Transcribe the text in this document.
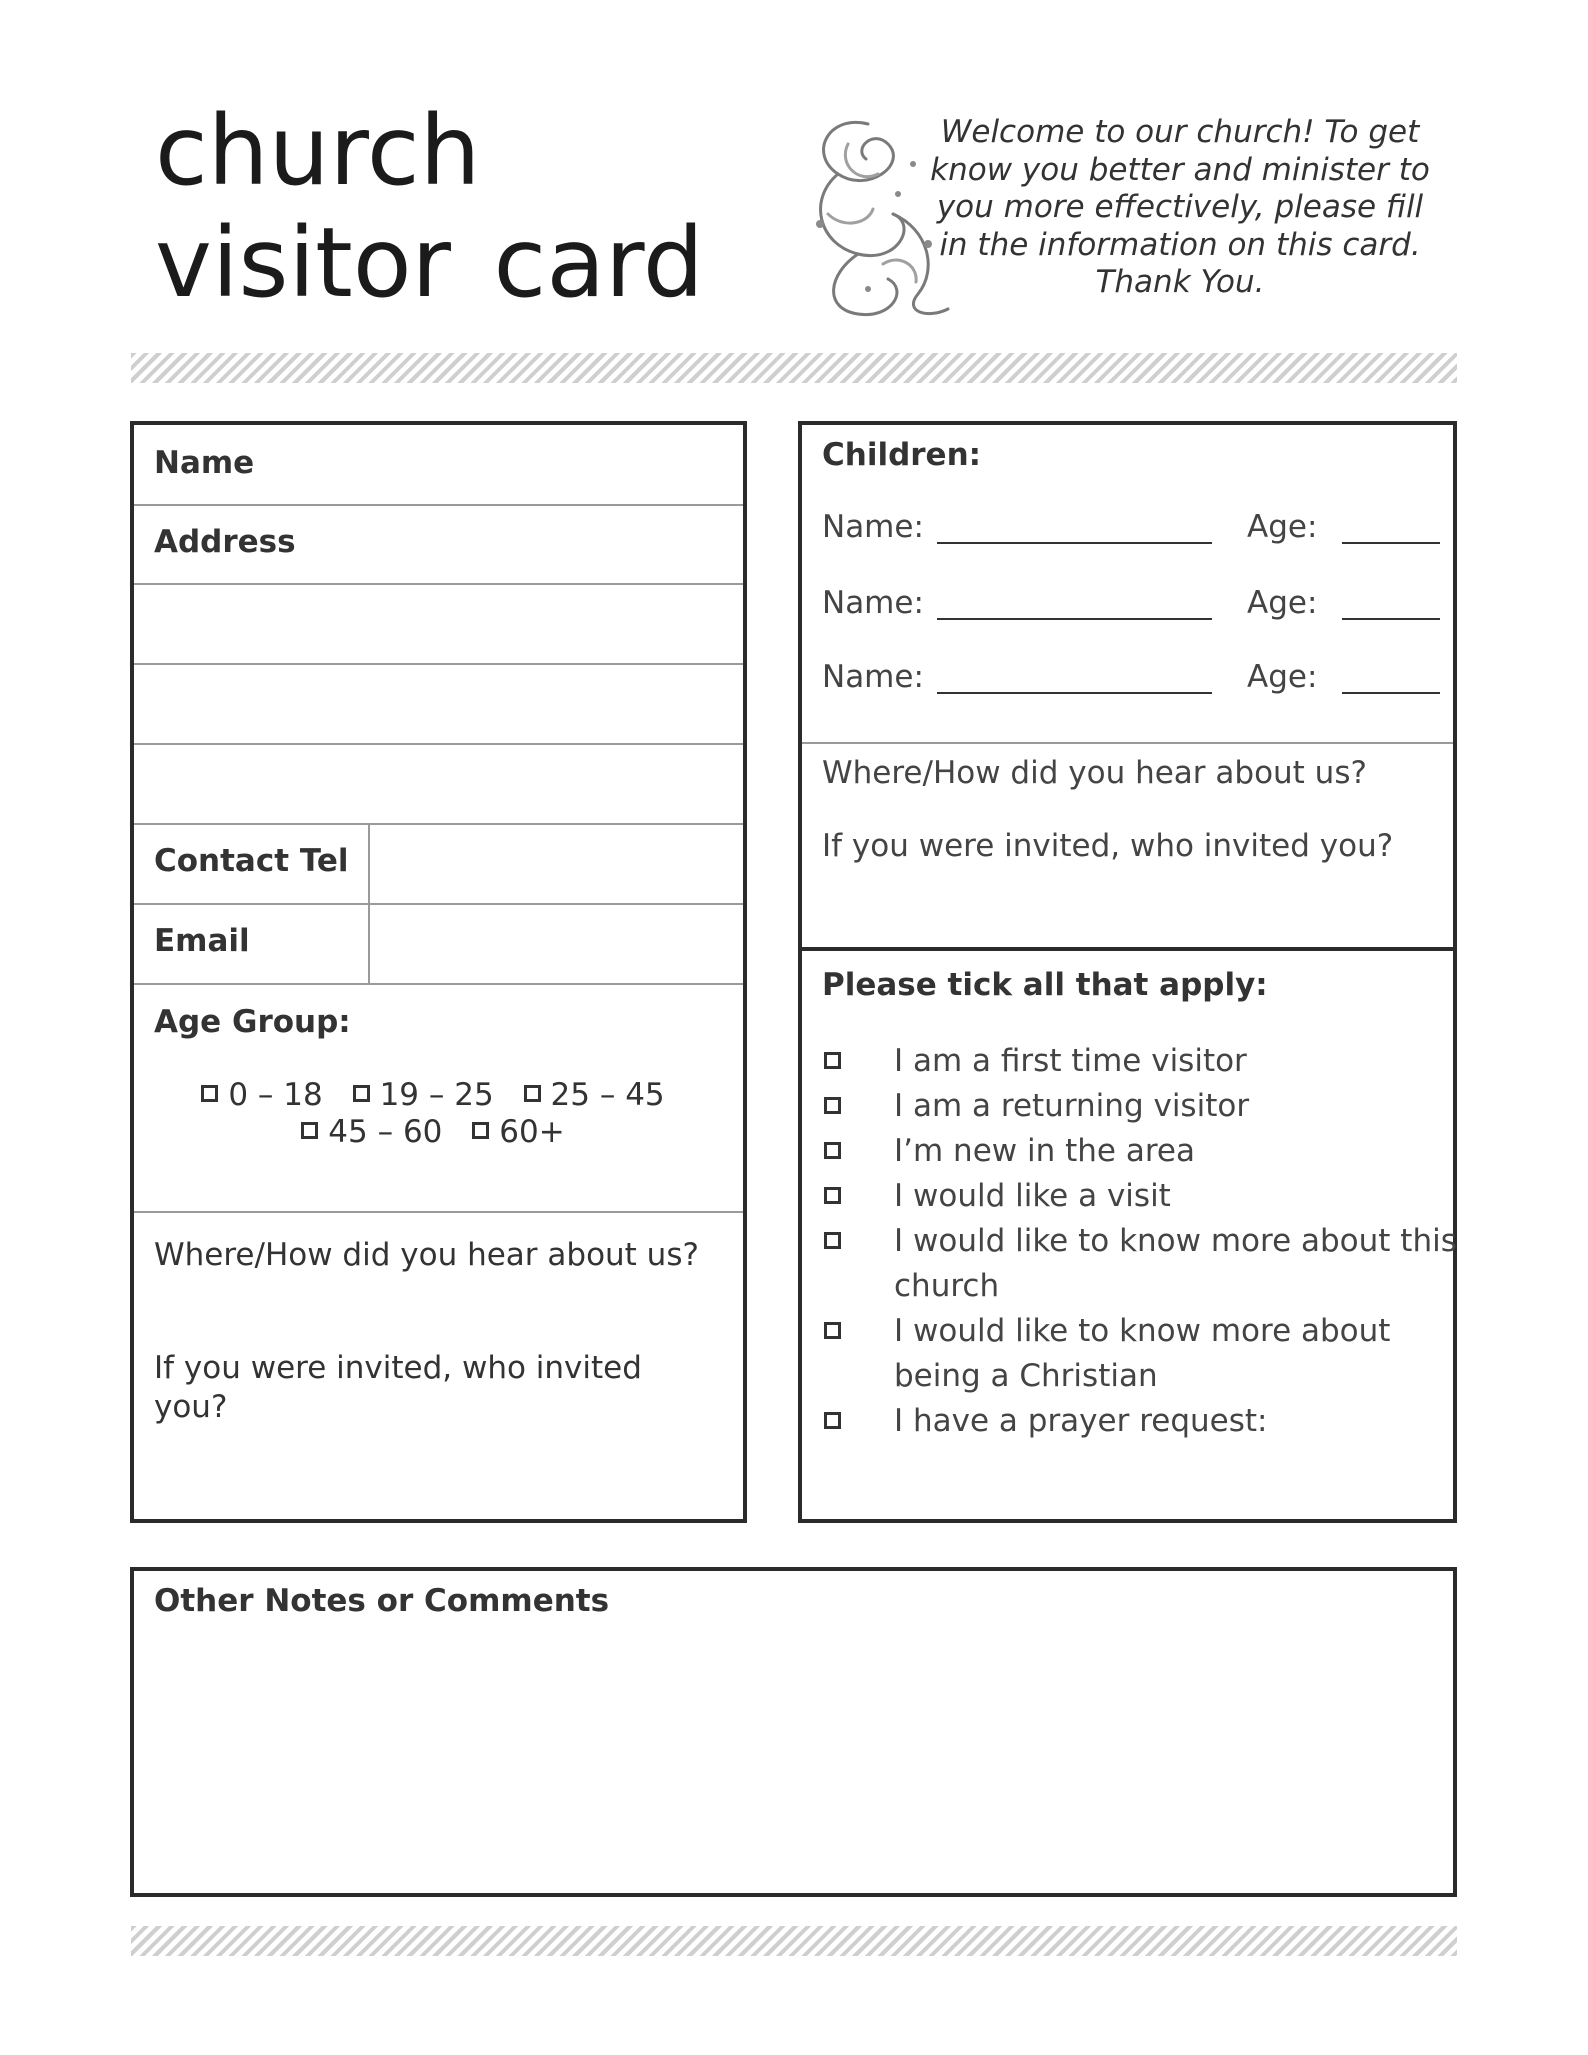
church visitor card
Welcome to our church! To get know you better and minister to you more effectively, please fill in the information on this card. Thank You.
Name
Address
Contact Tel
Email
Age Group:
0 – 18 19 – 25 25 – 45 45 – 60 60+
Where/How did you hear about us?
If you were invited, who invited you?
Children:
Name:	Age:
Name:	Age:
Name:	Age:
Where/How did you hear about us?
If you were invited, who invited you?
Please tick all that apply:
I am a first time visitor
I am a returning visitor
I’m new in the area
I would like a visit
I would like to know more about this church
I would like to know more about being a Christian
I have a prayer request:
Other Notes or Comments
